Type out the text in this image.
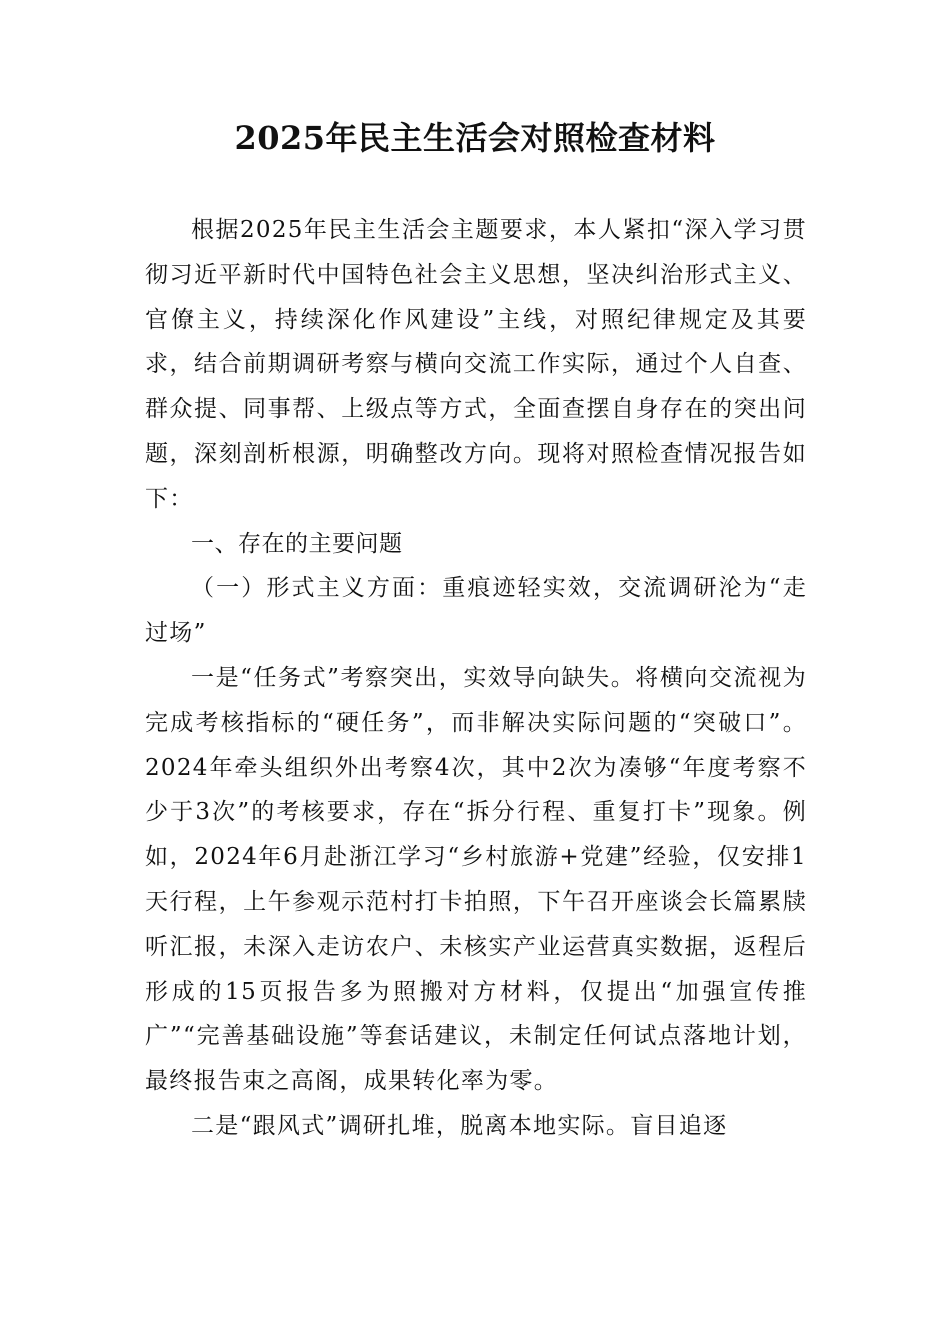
2025年民主生活会对照检查材料

根据2025年民主生活会主题要求，本人紧扣“深入学习贯彻习近平新时代中国特色社会主义思想，坚决纠治形式主义、官僚主义，持续深化作风建设”主线，对照纪律规定及其要求，结合前期调研考察与横向交流工作实际，通过个人自查、群众提、同事帮、上级点等方式，全面查摆自身存在的突出问题，深刻剖析根源，明确整改方向。现将对照检查情况报告如下：

一、存在的主要问题

（一）形式主义方面：重痕迹轻实效，交流调研沦为“走过场”

一是“任务式”考察突出，实效导向缺失。将横向交流视为完成考核指标的“硬任务”，而非解决实际问题的“突破口”。2024年牵头组织外出考察4次，其中2次为凑够“年度考察不少于3次”的考核要求，存在“拆分行程、重复打卡”现象。例如，2024年6月赴浙江学习“乡村旅游+党建”经验，仅安排1天行程，上午参观示范村打卡拍照，下午召开座谈会长篇累牍听汇报，未深入走访农户、未核实产业运营真实数据，返程后形成的15页报告多为照搬对方材料，仅提出“加强宣传推广”“完善基础设施”等套话建议，未制定任何试点落地计划，最终报告束之高阁，成果转化率为零。

二是“跟风式”调研扎堆，脱离本地实际。盲目追逐
